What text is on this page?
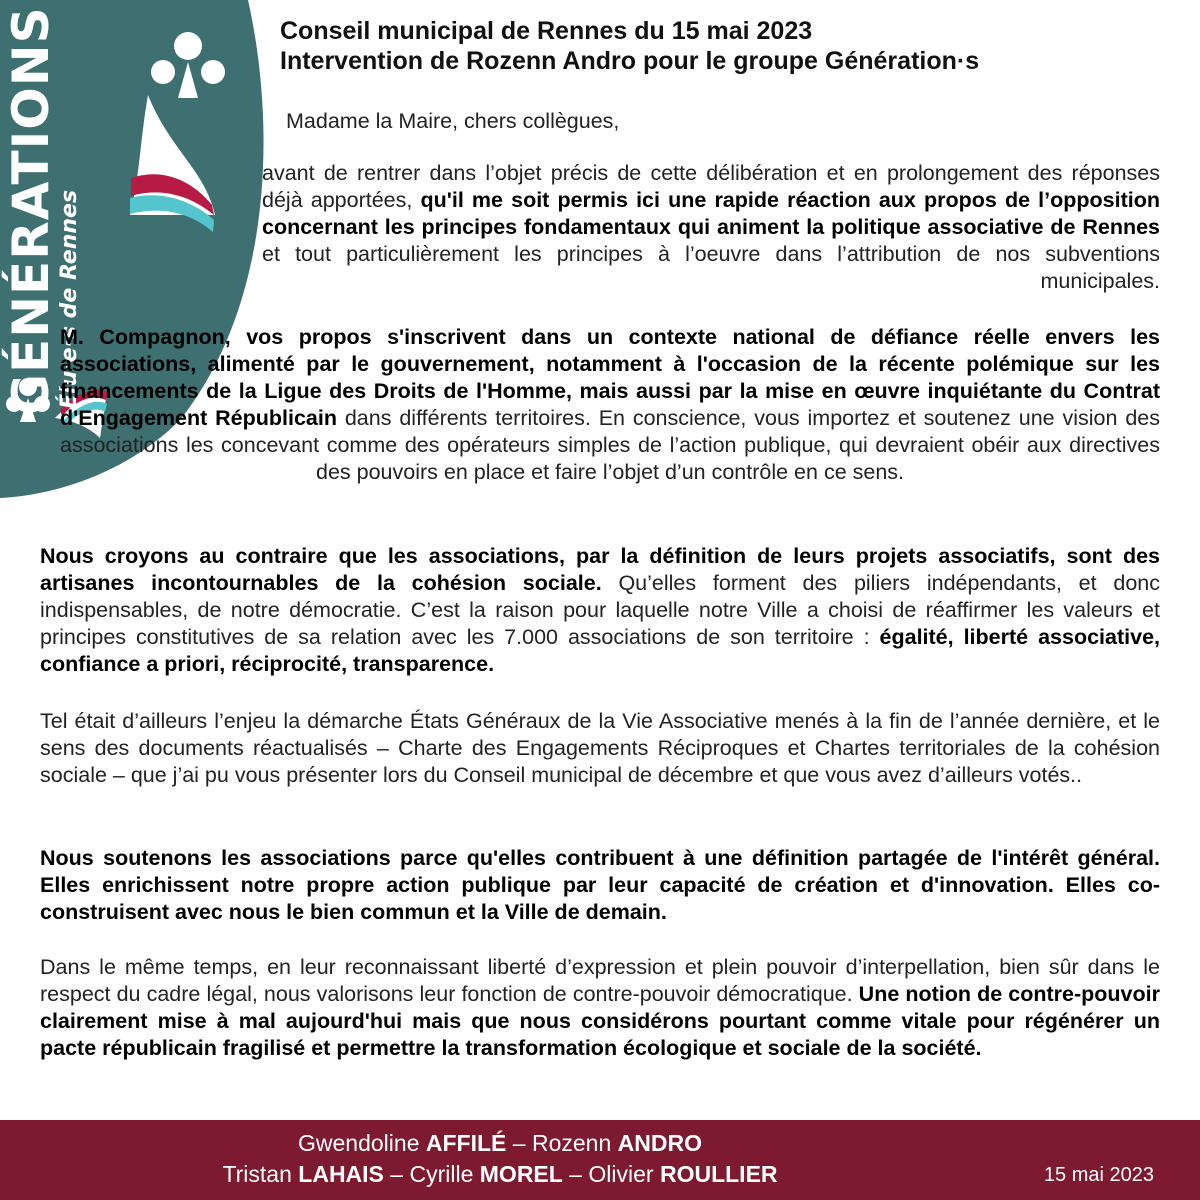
GÉNÉRATIONS
Élu·e·s de Rennes
Conseil municipal de Rennes du 15 mai 2023
Intervention de Rozenn Andro pour le groupe Génération·s
Madame la Maire, chers collègues,
avant de rentrer dans l’objet précis de cette délibération et en prolongement des réponses déjà apportées, qu'il me soit permis ici une rapide réaction aux propos de l’opposition concernant les principes fondamentaux qui animent la politique associative de Rennes et tout particulièrement les principes à l’oeuvre dans l’attribution de nos subventions municipales.
M. Compagnon, vos propos s'inscrivent dans un contexte national de défiance réelle envers les associations, alimenté par le gouvernement, notamment à l'occasion de la récente polémique sur les financements de la Ligue des Droits de l'Homme, mais aussi par la mise en œuvre inquiétante du Contrat d'Engagement Républicain dans différents territoires. En conscience, vous importez et soutenez une vision des associations les concevant comme des opérateurs simples de l’action publique, qui devraient obéir aux directives des pouvoirs en place et faire l’objet d’un contrôle en ce sens.
Nous croyons au contraire que les associations, par la définition de leurs projets associatifs, sont des artisanes incontournables de la cohésion sociale. Qu’elles forment des piliers indépendants, et donc indispensables, de notre démocratie. C’est la raison pour laquelle notre Ville a choisi de réaffirmer les valeurs et principes constitutives de sa relation avec les 7.000 associations de son territoire : égalité, liberté associative, confiance a priori, réciprocité, transparence.
Tel était d’ailleurs l’enjeu la démarche États Généraux de la Vie Associative menés à la fin de l’année dernière, et le sens des documents réactualisés – Charte des Engagements Réciproques et Chartes territoriales de la cohésion sociale – que j’ai pu vous présenter lors du Conseil municipal de décembre et que vous avez d’ailleurs votés..
Nous soutenons les associations parce qu'elles contribuent à une définition partagée de l'intérêt général. Elles enrichissent notre propre action publique par leur capacité de création et d'innovation. Elles co-construisent avec nous le bien commun et la Ville de demain.
Dans le même temps, en leur reconnaissant liberté d’expression et plein pouvoir d’interpellation, bien sûr dans le respect du cadre légal, nous valorisons leur fonction de contre-pouvoir démocratique. Une notion de contre-pouvoir clairement mise à mal aujourd'hui mais que nous considérons pourtant comme vitale pour régénérer un pacte républicain fragilisé et permettre la transformation écologique et sociale de la société.
Gwendoline AFFILÉ – Rozenn ANDRO
Tristan LAHAIS – Cyrille MOREL – Olivier ROULLIER	15 mai 2023
